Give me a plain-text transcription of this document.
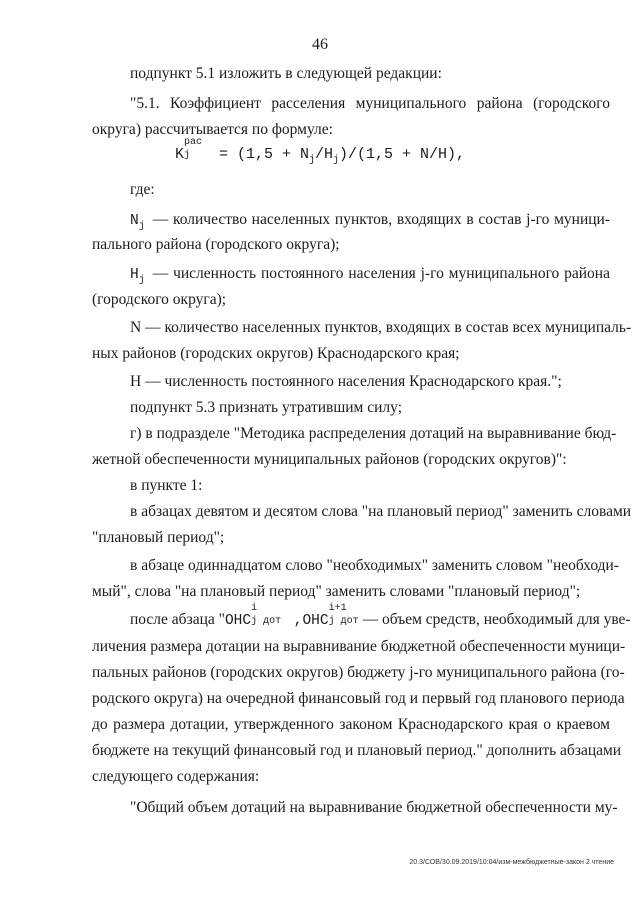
46
подпункт 5.1 изложить в следующей редакции:
"5.1. Коэффициент расселения муниципального района (городского
округа) рассчитывается по формуле:
K
рас
$j = (1,5 + N_j/H_j)/(1,5 + N/H)$,
где:
$N_j$ — количество населенных пунктов, входящих в состав j-го муници-
пального района (городского округа);
$H_j$ — численность постоянного населения j-го муниципального района
(городского округа);
N — количество населенных пунктов, входящих в состав всех муниципаль-
ных районов (городских округов) Краснодарского края;
H — численность постоянного населения Краснодарского края.";
подпункт 5.3 признать утратившим силу;
г) в подразделе "Методика распределения дотаций на выравнивание бюд-
жетной обеспеченности муниципальных районов (городских округов)":
в пункте 1:
в абзацах девятом и десятом слова "на плановый период" заменить словами
"плановый период";
в абзаце одиннадцатом слово "необходимых" заменить словом "необходи-
мый", слова "на плановый период" заменить словами "плановый период";
после абзаца "ОНС
i
j дот ,ОНС
i+1
j дот — объем средств, необходимый для уве-
личения размера дотации на выравнивание бюджетной обеспеченности муници-
пальных районов (городских округов) бюджету j-го муниципального района (го-
родского округа) на очередной финансовый год и первый год планового периода
до размера дотации, утвержденного законом Краснодарского края о краевом
бюджете на текущий финансовый год и плановый период." дополнить абзацами
следующего содержания:
"Общий объем дотаций на выравнивание бюджетной обеспеченности му-
20.3/СОВ/30.09.2019/10:04/изм-межбюджетные-закон 2 чтение
